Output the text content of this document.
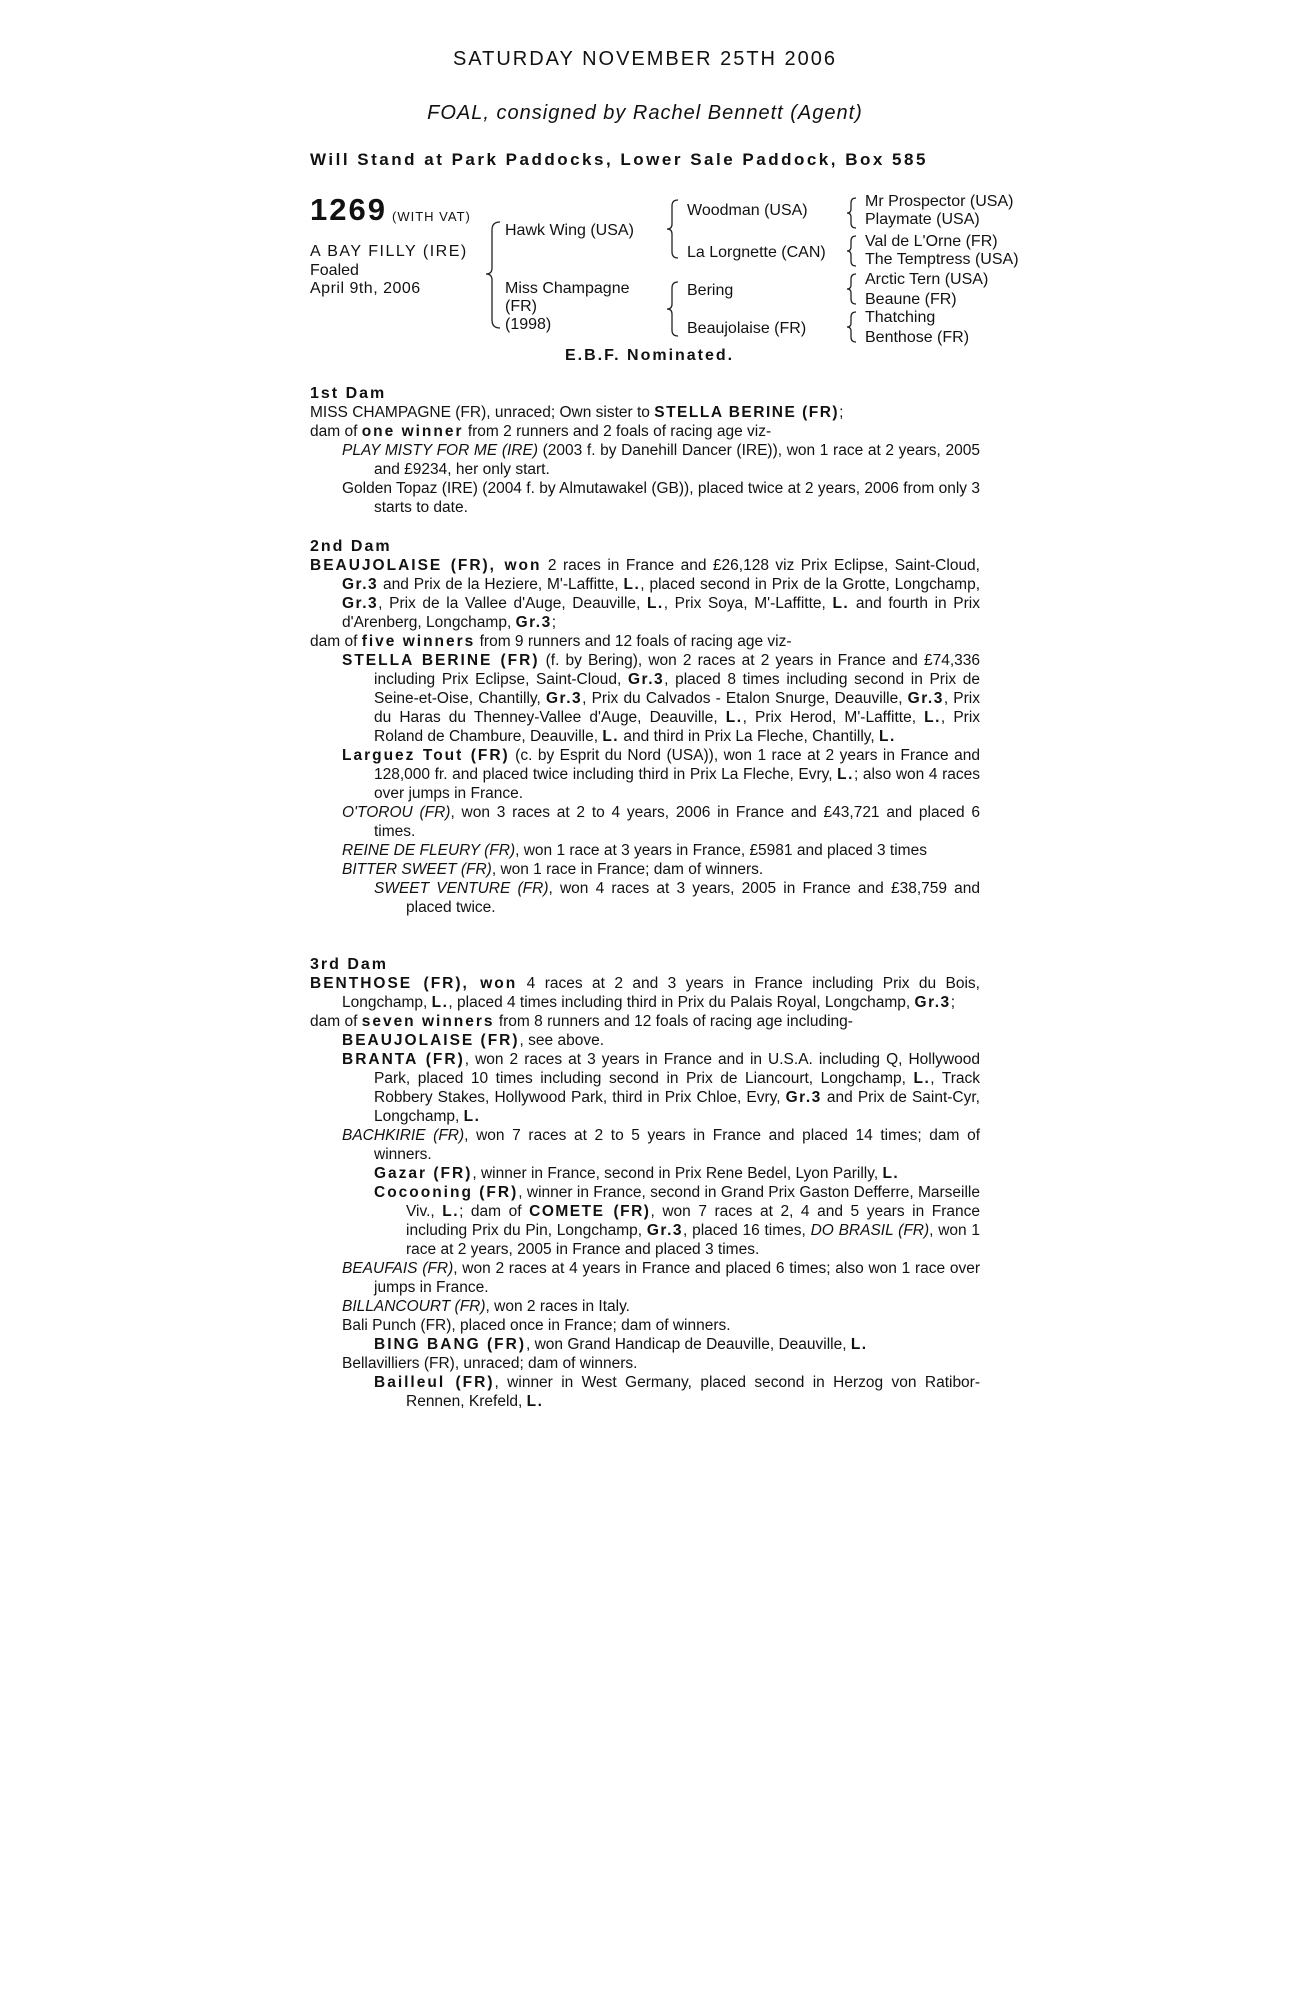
SATURDAY NOVEMBER 25TH 2006
FOAL, consigned by Rachel Bennett (Agent)
Will Stand at Park Paddocks, Lower Sale Paddock, Box 585
1269 (WITH VAT)
A BAY FILLY (IRE)
Foaled
April 9th, 2006
Hawk Wing (USA)
Miss Champagne
(FR)
(1998)
Woodman (USA)
La Lorgnette (CAN)
Bering
Beaujolaise (FR)
Mr Prospector (USA)
Playmate (USA)
Val de L'Orne (FR)
The Temptress (USA)
Arctic Tern (USA)
Beaune (FR)
Thatching
Benthose (FR)
E.B.F. Nominated.
1st Dam

MISS CHAMPAGNE (FR), unraced; Own sister to STELLA BERINE (FR);

dam of one winner from 2 runners and 2 foals of racing age viz-

PLAY MISTY FOR ME (IRE) (2003 f. by Danehill Dancer (IRE)), won 1 race at 2 years, 2005 and £9234, her only start.

Golden Topaz (IRE) (2004 f. by Almutawakel (GB)), placed twice at 2 years, 2006 from only 3 starts to date.

2nd Dam

BEAUJOLAISE (FR), won 2 races in France and £26,128 viz Prix Eclipse, Saint-Cloud, Gr.3 and Prix de la Heziere, M'-Laffitte, L., placed second in Prix de la Grotte, Longchamp, Gr.3, Prix de la Vallee d'Auge, Deauville, L., Prix Soya, M'-Laffitte, L. and fourth in Prix d'Arenberg, Longchamp, Gr.3;

dam of five winners from 9 runners and 12 foals of racing age viz-

STELLA BERINE (FR) (f. by Bering), won 2 races at 2 years in France and £74,336 including Prix Eclipse, Saint-Cloud, Gr.3, placed 8 times including second in Prix de Seine-et-Oise, Chantilly, Gr.3, Prix du Calvados - Etalon Snurge, Deauville, Gr.3, Prix du Haras du Thenney-Vallee d'Auge, Deauville, L., Prix Herod, M'-Laffitte, L., Prix Roland de Chambure, Deauville, L. and third in Prix La Fleche, Chantilly, L.

Larguez Tout (FR) (c. by Esprit du Nord (USA)), won 1 race at 2 years in France and 128,000 fr. and placed twice including third in Prix La Fleche, Evry, L.; also won 4 races over jumps in France.

O'TOROU (FR), won 3 races at 2 to 4 years, 2006 in France and £43,721 and placed 6 times.

REINE DE FLEURY (FR), won 1 race at 3 years in France, £5981 and placed 3 times

BITTER SWEET (FR), won 1 race in France; dam of winners.

SWEET VENTURE (FR), won 4 races at 3 years, 2005 in France and £38,759 and placed twice.

3rd Dam

BENTHOSE (FR), won 4 races at 2 and 3 years in France including Prix du Bois, Longchamp, L., placed 4 times including third in Prix du Palais Royal, Longchamp, Gr.3;

dam of seven winners from 8 runners and 12 foals of racing age including-

BEAUJOLAISE (FR), see above.

BRANTA (FR), won 2 races at 3 years in France and in U.S.A. including Q, Hollywood Park, placed 10 times including second in Prix de Liancourt, Longchamp, L., Track Robbery Stakes, Hollywood Park, third in Prix Chloe, Evry, Gr.3 and Prix de Saint-Cyr, Longchamp, L.

BACHKIRIE (FR), won 7 races at 2 to 5 years in France and placed 14 times; dam of winners.

Gazar (FR), winner in France, second in Prix Rene Bedel, Lyon Parilly, L.

Cocooning (FR), winner in France, second in Grand Prix Gaston Defferre, Marseille Viv., L.; dam of COMETE (FR), won 7 races at 2, 4 and 5 years in France including Prix du Pin, Longchamp, Gr.3, placed 16 times, DO BRASIL (FR), won 1 race at 2 years, 2005 in France and placed 3 times.

BEAUFAIS (FR), won 2 races at 4 years in France and placed 6 times; also won 1 race over jumps in France.

BILLANCOURT (FR), won 2 races in Italy.

Bali Punch (FR), placed once in France; dam of winners.

BING BANG (FR), won Grand Handicap de Deauville, Deauville, L.

Bellavilliers (FR), unraced; dam of winners.

Bailleul (FR), winner in West Germany, placed second in Herzog von Ratibor-Rennen, Krefeld, L.
